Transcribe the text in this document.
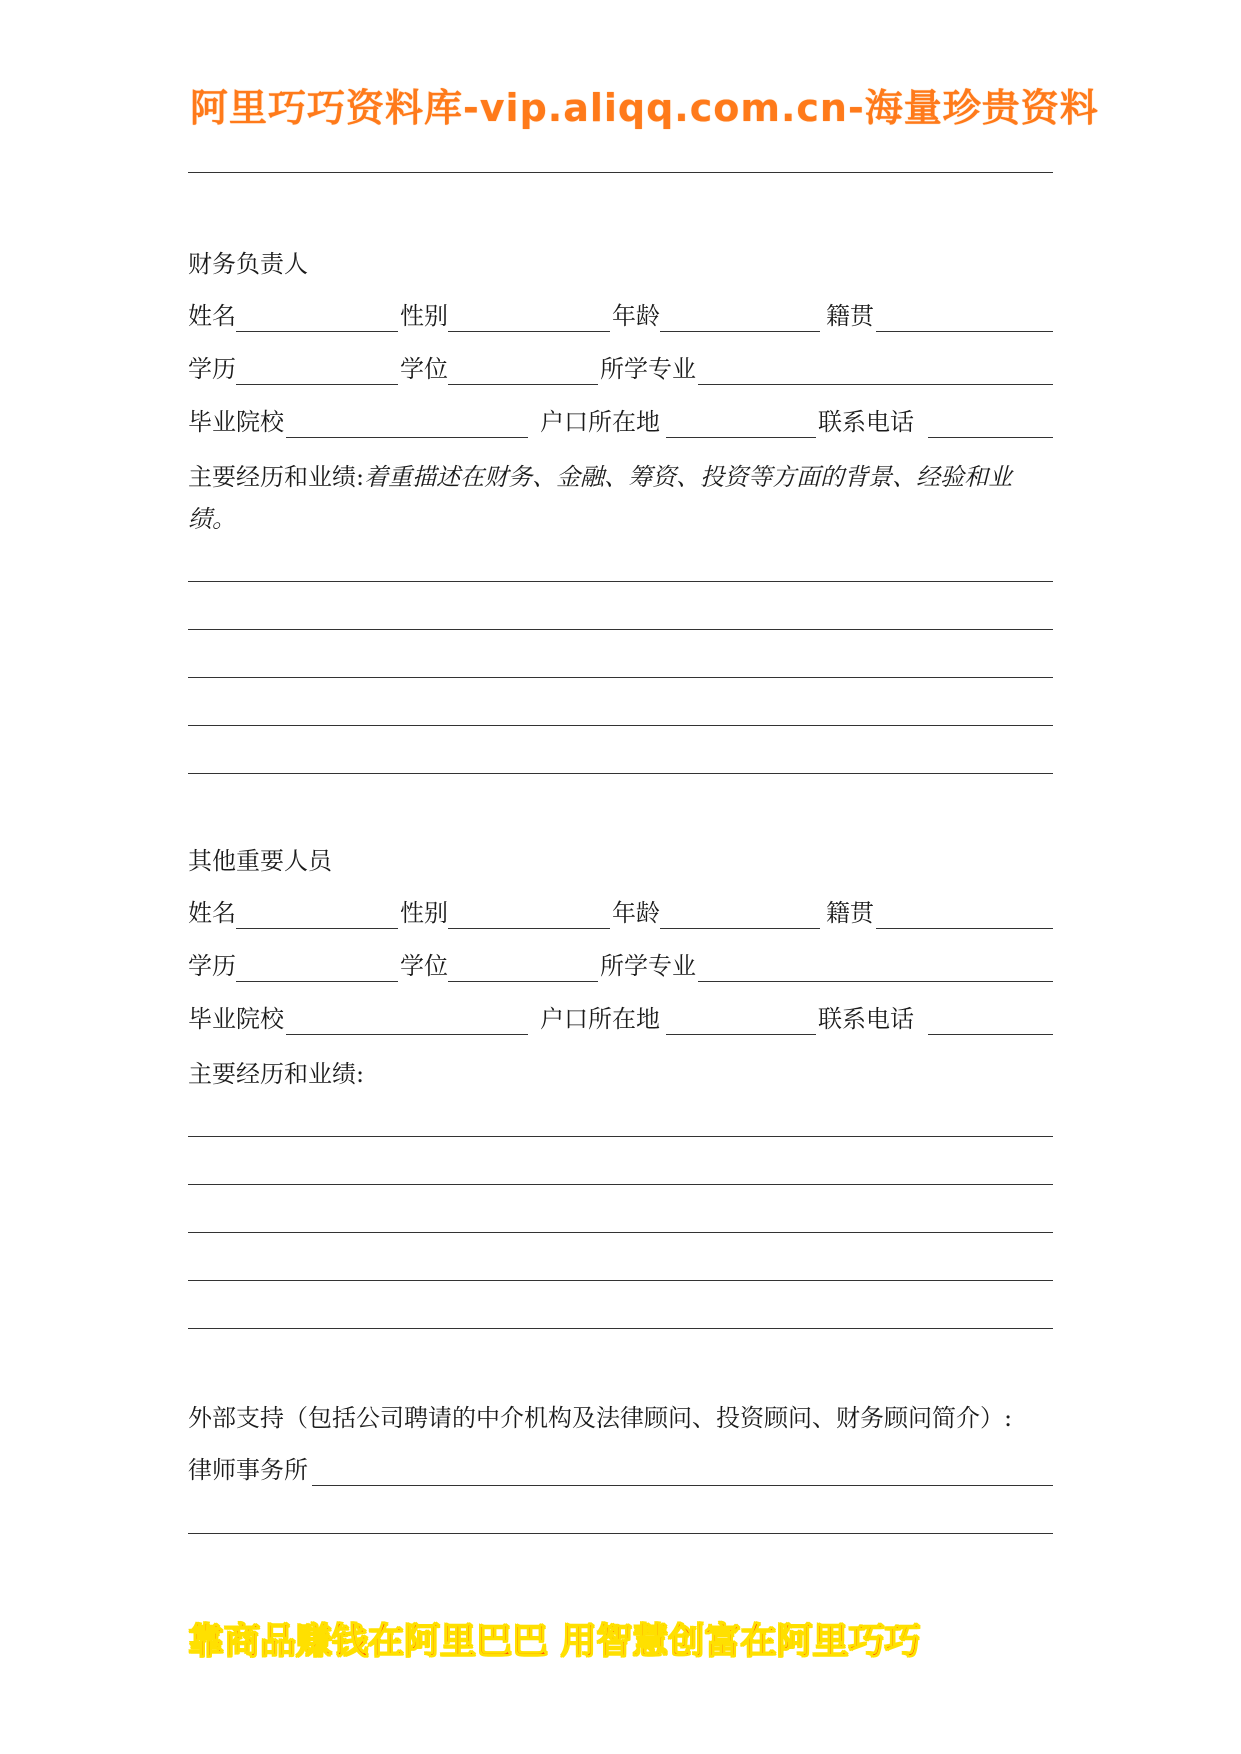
阿里巧巧资料库-vip.aliqq.com.cn-海量珍贵资料
财务负责人
姓名	性别	年龄	籍贯
学历	学位	所学专业
毕业院校	户口所在地	联系电话
主要经历和业绩:着重描述在财务、金融、筹资、投资等方面的背景、经验和业
绩。
其他重要人员
姓名	性别	年龄	籍贯
学历	学位	所学专业
毕业院校	户口所在地	联系电话
主要经历和业绩:
外部支持（包括公司聘请的中介机构及法律顾问、投资顾问、财务顾问简介）:
律师事务所
靠商品赚钱在阿里巴巴 用智慧创富在阿里巧巧
